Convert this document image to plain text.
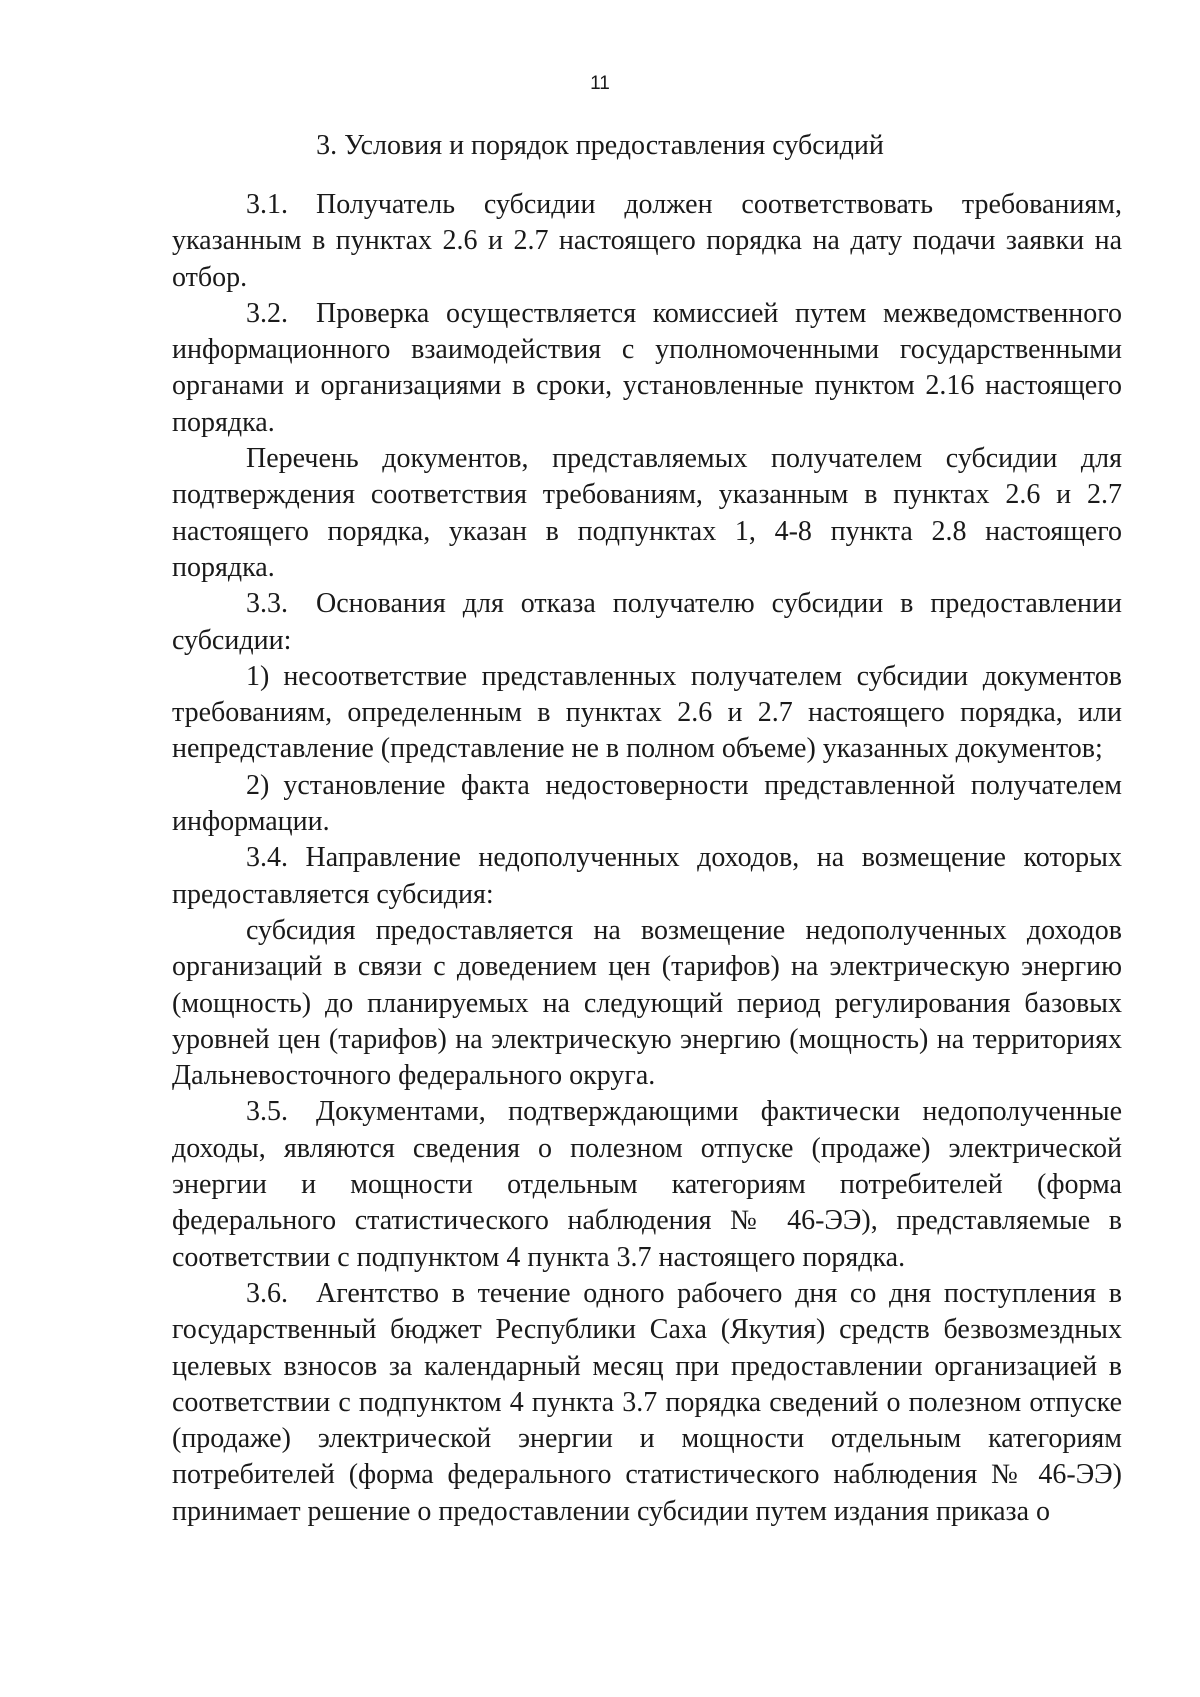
11
3. Условия и порядок предоставления субсидий

3.1. Получатель субсидии должен соответствовать требованиям, указанным в пунктах 2.6 и 2.7 настоящего порядка на дату подачи заявки на отбор.

3.2. Проверка осуществляется комиссией путем межведомственного информационного взаимодействия с уполномоченными государственными органами и организациями в сроки, установленные пунктом 2.16 настоящего порядка.

Перечень документов, представляемых получателем субсидии для подтверждения соответствия требованиям, указанным в пунктах 2.6 и 2.7 настоящего порядка, указан в подпунктах 1, 4-8 пункта 2.8 настоящего порядка.

3.3. Основания для отказа получателю субсидии в предоставлении субсидии:

1) несоответствие представленных получателем субсидии документов требованиям, определенным в пунктах 2.6 и 2.7 настоящего порядка, или непредставление (представление не в полном объеме) указанных документов;

2) установление факта недостоверности представленной получателем информации.

3.4. Направление недополученных доходов, на возмещение которых предоставляется субсидия:

субсидия предоставляется на возмещение недополученных доходов организаций в связи с доведением цен (тарифов) на электрическую энергию (мощность) до планируемых на следующий период регулирования базовых уровней цен (тарифов) на электрическую энергию (мощность) на территориях Дальневосточного федерального округа.

3.5. Документами, подтверждающими фактически недополученные доходы, являются сведения о полезном отпуске (продаже) электрической энергии и мощности отдельным категориям потребителей (форма федерального статистического наблюдения № 46-ЭЭ), представляемые в соответствии с подпунктом 4 пункта 3.7 настоящего порядка.

3.6. Агентство в течение одного рабочего дня со дня поступления в государственный бюджет Республики Саха (Якутия) средств безвозмездных целевых взносов за календарный месяц при предоставлении организацией в соответствии с подпунктом 4 пункта 3.7 порядка сведений о полезном отпуске (продаже) электрической энергии и мощности отдельным категориям потребителей (форма федерального статистического наблюдения № 46-ЭЭ) принимает решение о предоставлении субсидии путем издания приказа о
